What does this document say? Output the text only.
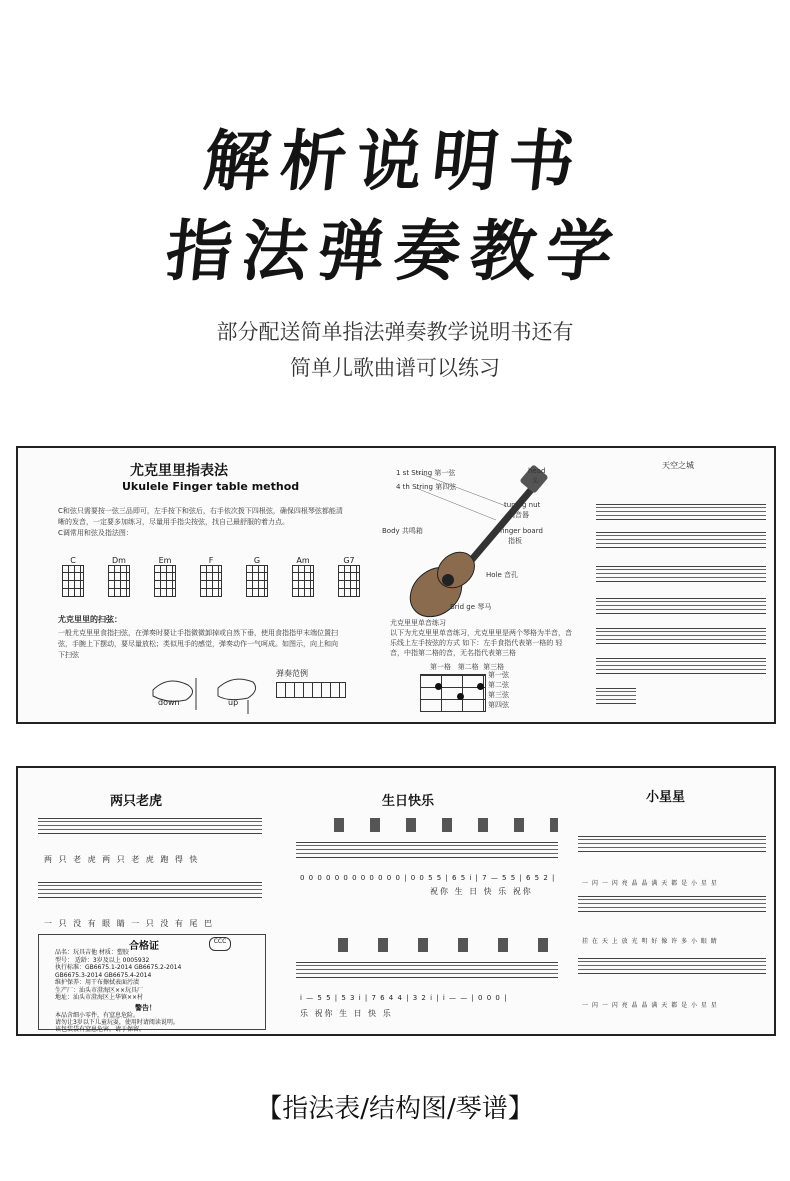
解析说明书
指法弹奏教学
部分配送简单指法弹奏教学说明书还有
简单儿歌曲谱可以练习
尤克里里指表法
Ukulele Finger table method
C和弦只需要按一弦三品即可，左手按下和弦后，右手依次拨下四根弦，确保四根琴弦都能清
晰的发音，一定要多加练习，尽量用手指尖按弦，找自己最舒服的着力点。
C调常用和弦及指法图：
C	Dm	Em	F	G	Am	G7
尤克里里的扫弦：
一般尤克里里食指扫弦，在弹奏时要让手指微微卸掉或自然下垂，使用食指指甲末端位置扫
弦，手腕上下摆动，要尽量放松；类似甩手的感觉，弹奏动作一气呵成。如图示，向上和向
下扫弦
down	up
弹奏范例
1 st String 第一弦
4 th String 第四弦
head
头
tuning nut
调音器
finger board
指板
Body 共鸣箱
Hole 音孔
Brid ge 琴马
尤克里里单音练习
以下为尤克里里单音练习，尤克里里是两个琴格为半音，音
乐线上左手按弦的方式 如下：左手食指代表第一格的 轻
音，中指第二格的音，无名指代表第三格
第一格 第二格 第三格
第一弦
第二弦
第三弦
第四弦
天空之城
两只老虎
两 只 老 虎 两 只 老 虎 跑 得 快
一 只 没 有 眼 睛 一 只 没 有 尾 巴
合格证	CCC
品名：玩具吉他 材质：塑胶
型号： 适龄：3岁及以上 0005932
执行标准：GB6675.1-2014 GB6675.2-2014
GB6675.3-2014 GB6675.4-2014
维护保养：用干布擦拭表面污渍
生产厂：汕头市澄海区××玩具厂
地址：汕头市澄海区上华镇××村
警告！

本品含细小零件，有窒息危险。
请勿让3岁以下儿童玩耍，使用时请阅读说明。
该包装袋有窒息危害，请于保留。
生日快乐
0 0 0 0 0 0 0 0 0 0 0 0 | 0 0 5 5 | 6 5 i | 7 — 5 5 | 6 5 2 |
祝你 生 日 快 乐 祝你
i — 5 5 | 5 3 i | 7 6 4 4 | 3 2 i | i — — | 0 0 0 |
乐 祝你 生 日 快 乐
小星星
一 闪 一 闪 亮 晶 晶 满 天 都 是 小 星 星
挂 在 天 上 放 光 明 好 像 许 多 小 眼 睛
一 闪 一 闪 亮 晶 晶 满 天 都 是 小 星 星
【指法表/结构图/琴谱】
